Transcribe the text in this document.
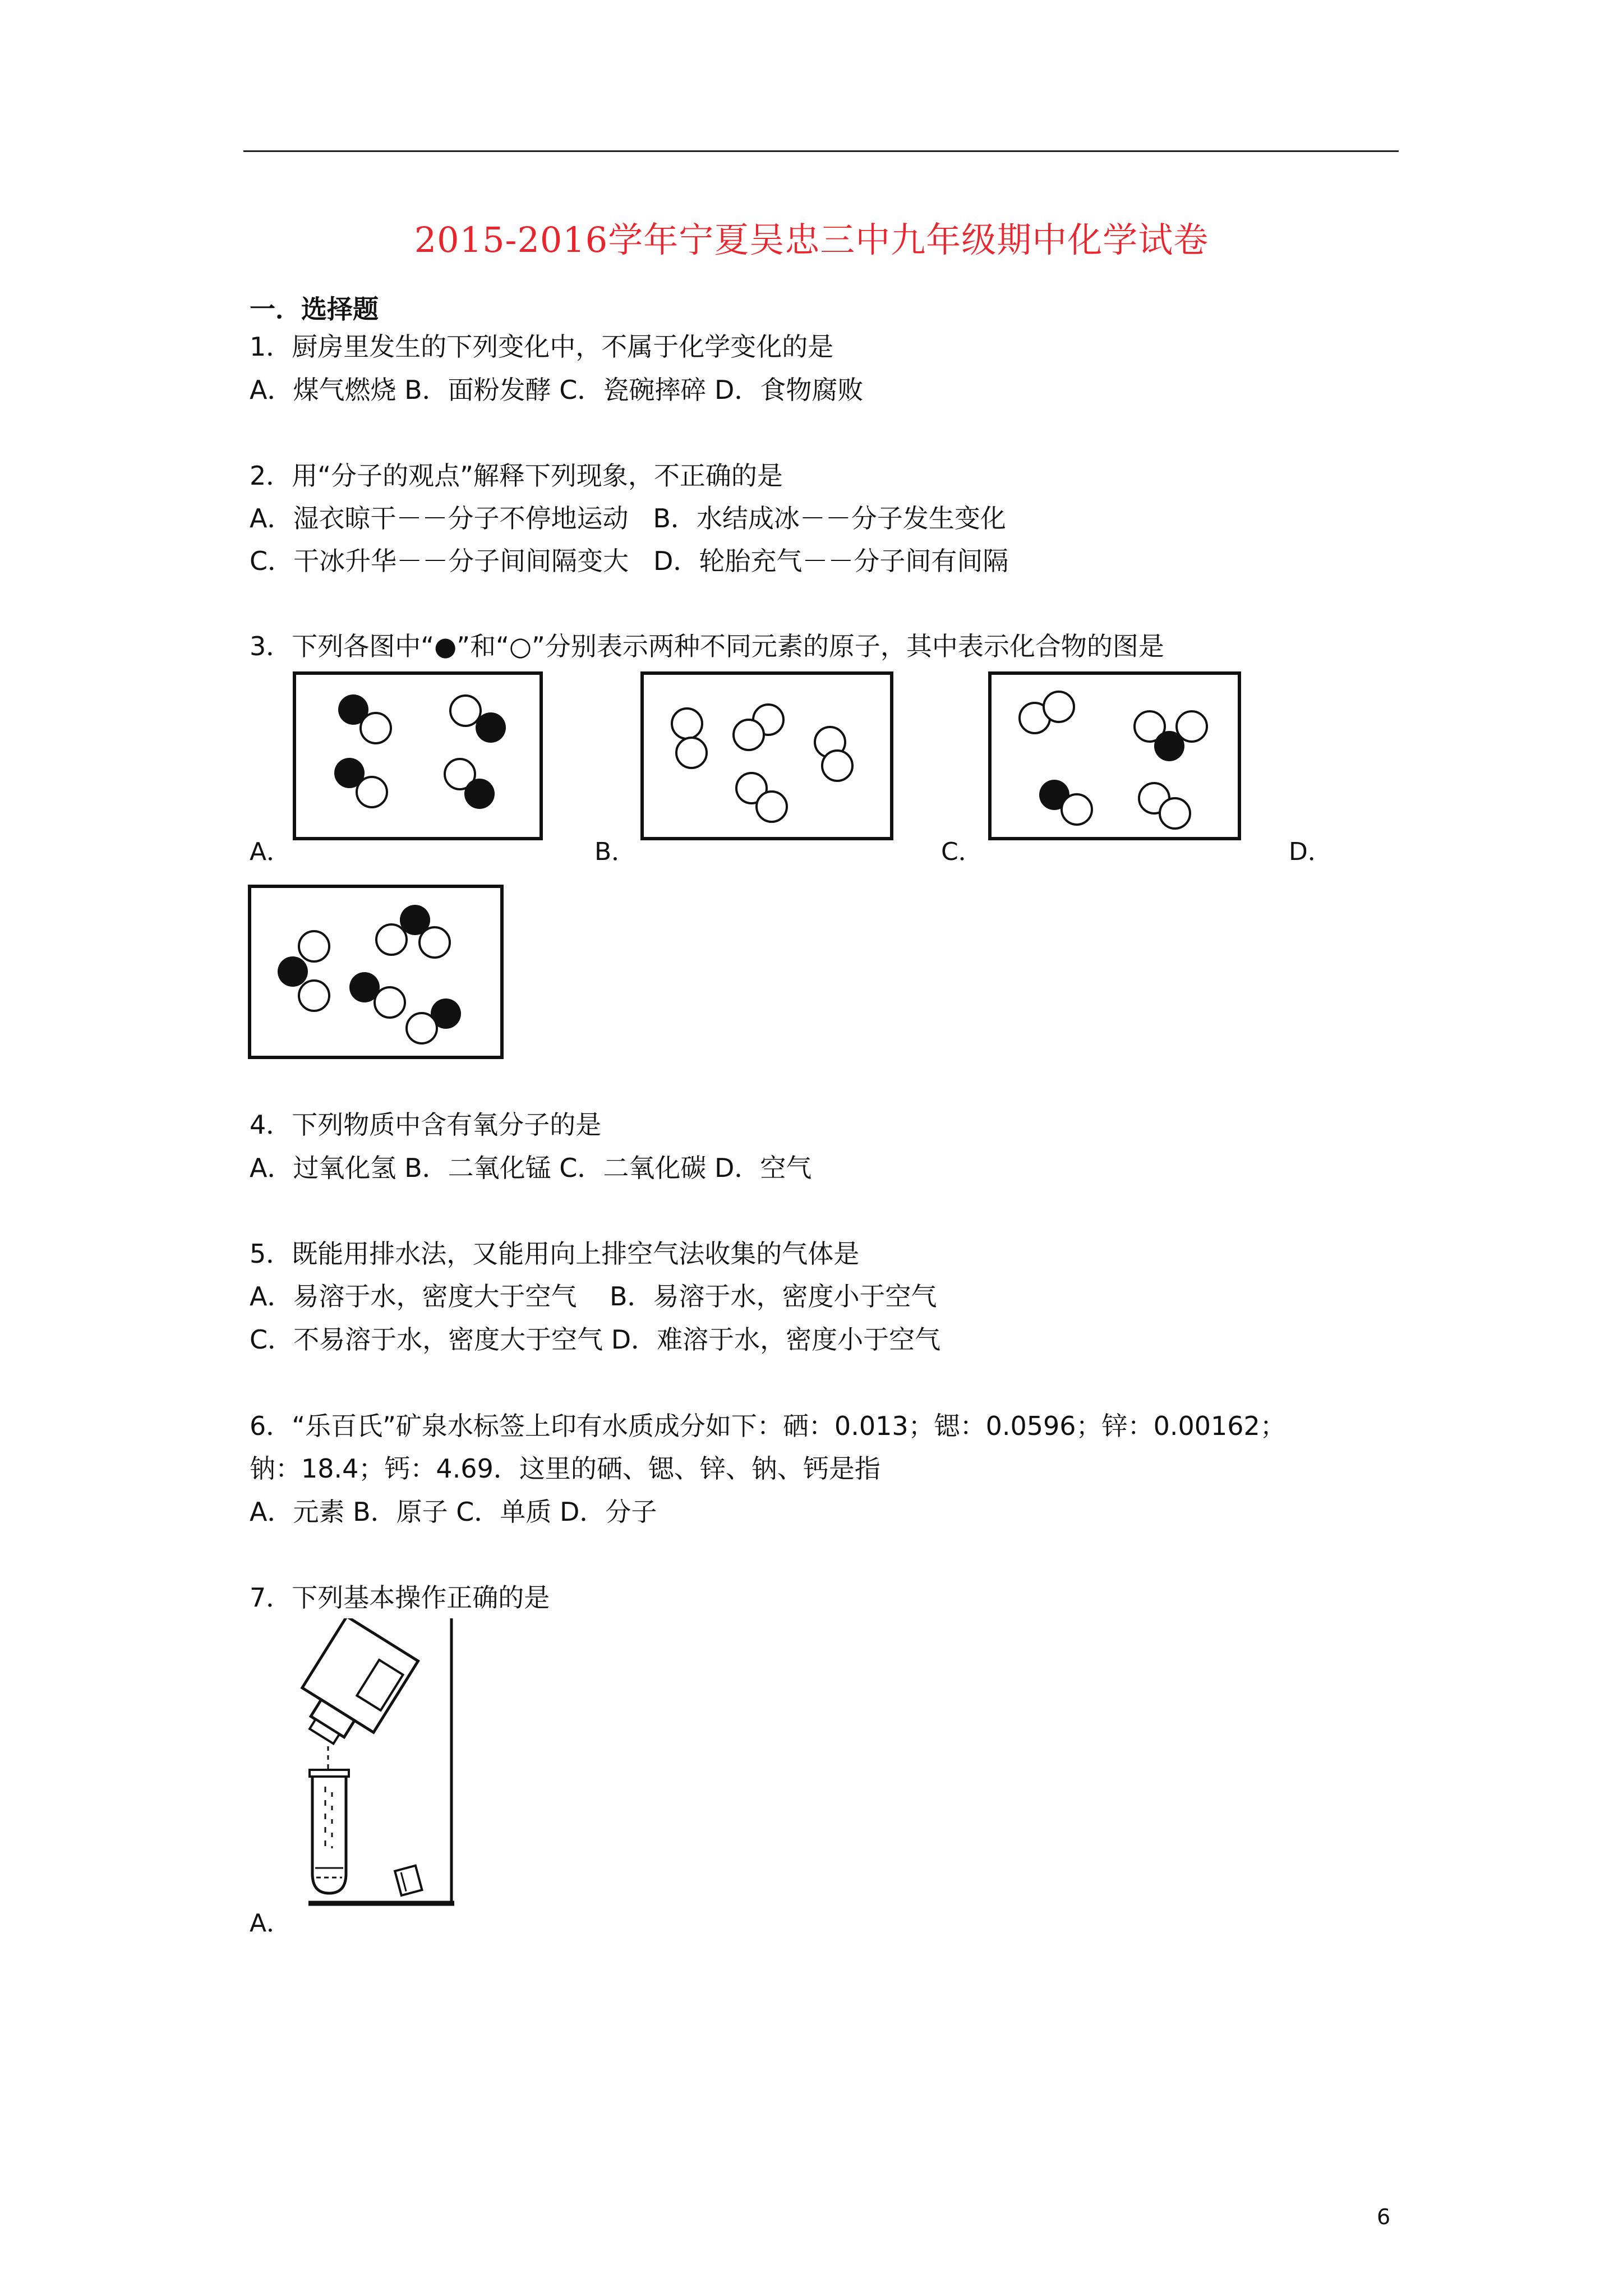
2015-2016学年宁夏吴忠三中九年级期中化学试卷
一．选择题
1．厨房里发生的下列变化中，不属于化学变化的是
A．煤气燃烧 B．面粉发酵 C．瓷碗摔碎 D．食物腐败
2．用“分子的观点”解释下列现象，不正确的是
A．湿衣晾干－－分子不停地运动   B．水结成冰－－分子发生变化
C．干冰升华－－分子间间隔变大   D．轮胎充气－－分子间有间隔
3．下列各图中“●”和“○”分别表示两种不同元素的原子，其中表示化合物的图是
A．	B．	C．	D．
4．下列物质中含有氧分子的是
A．过氧化氢 B．二氧化锰 C．二氧化碳 D．空气
5．既能用排水法，又能用向上排空气法收集的气体是
A．易溶于水，密度大于空气    B．易溶于水，密度小于空气
C．不易溶于水，密度大于空气 D．难溶于水，密度小于空气
6．“乐百氏”矿泉水标签上印有水质成分如下：硒：0.013；锶：0.0596；锌：0.00162；
钠：18.4；钙：4.69．这里的硒、锶、锌、钠、钙是指
A．元素 B．原子 C．单质 D．分子
7．下列基本操作正确的是
A．
6
